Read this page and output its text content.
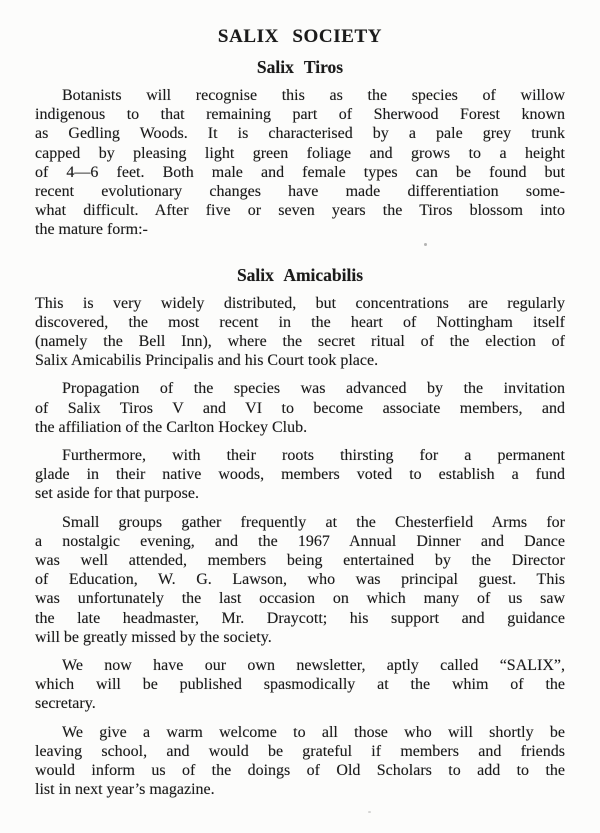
SALIX SOCIETY
Salix Tiros
Botanists will recognise this as the species of willow
indigenous to that remaining part of Sherwood Forest known
as Gedling Woods. It is characterised by a pale grey trunk
capped by pleasing light green foliage and grows to a height
of 4—6 feet. Both male and female types can be found but
recent evolutionary changes have made differentiation some-
what difficult. After five or seven years the Tiros blossom into
the mature form:-
Salix Amicabilis
This is very widely distributed, but concentrations are regularly
discovered, the most recent in the heart of Nottingham itself
(namely the Bell Inn), where the secret ritual of the election of
Salix Amicabilis Principalis and his Court took place.
Propagation of the species was advanced by the invitation
of Salix Tiros V and VI to become associate members, and
the affiliation of the Carlton Hockey Club.
Furthermore, with their roots thirsting for a permanent
glade in their native woods, members voted to establish a fund
set aside for that purpose.
Small groups gather frequently at the Chesterfield Arms for
a nostalgic evening, and the 1967 Annual Dinner and Dance
was well attended, members being entertained by the Director
of Education, W. G. Lawson, who was principal guest. This
was unfortunately the last occasion on which many of us saw
the late headmaster, Mr. Draycott; his support and guidance
will be greatly missed by the society.
We now have our own newsletter, aptly called “SALIX”,
which will be published spasmodically at the whim of the
secretary.
We give a warm welcome to all those who will shortly be
leaving school, and would be grateful if members and friends
would inform us of the doings of Old Scholars to add to the
list in next year’s magazine.
